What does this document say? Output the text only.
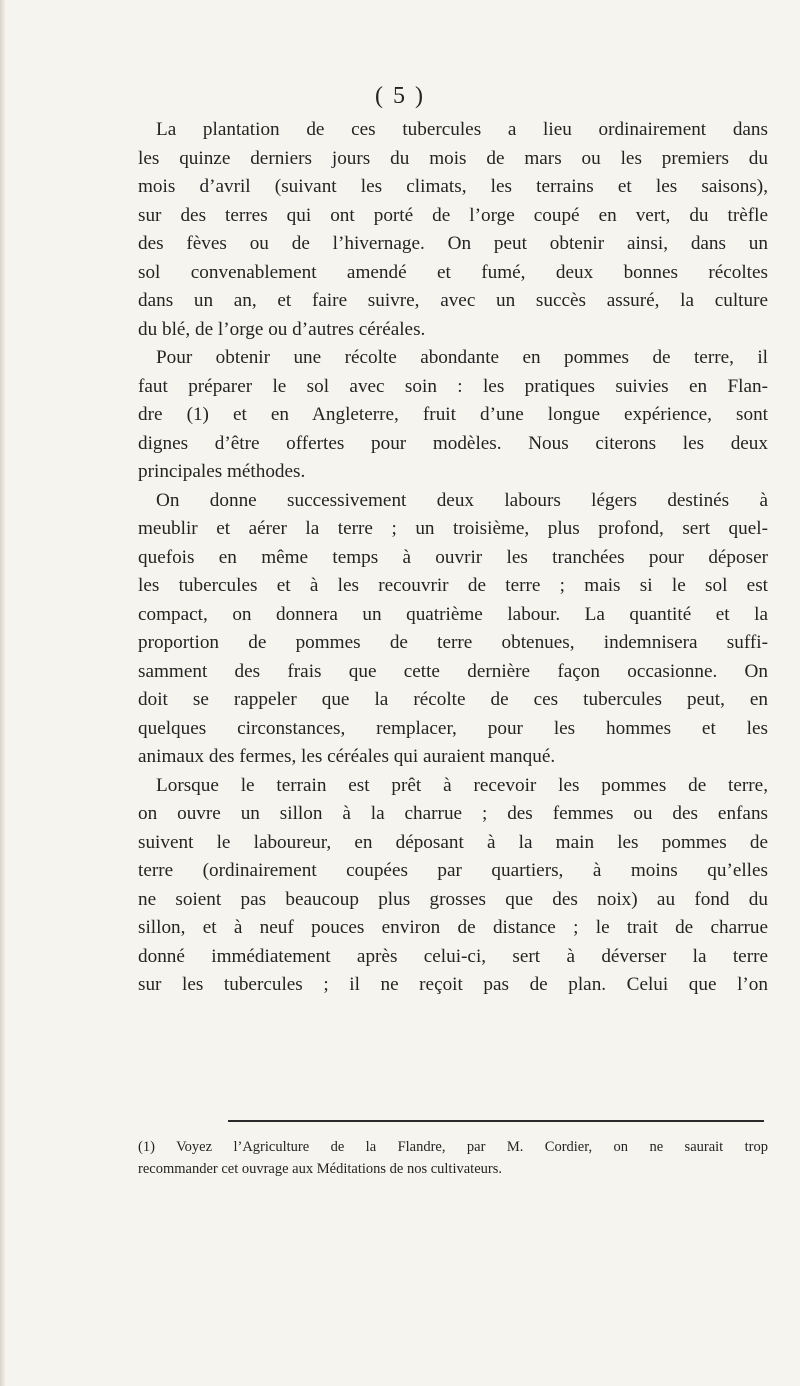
( 5 )
La plantation de ces tubercules a lieu ordinairement dans
les quinze derniers jours du mois de mars ou les premiers du
mois d’avril (suivant les climats, les terrains et les saisons),
sur des terres qui ont porté de l’orge coupé en vert, du trèfle
des fèves ou de l’hivernage. On peut obtenir ainsi, dans un
sol convenablement amendé et fumé, deux bonnes récoltes
dans un an, et faire suivre, avec un succès assuré, la culture
du blé, de l’orge ou d’autres céréales.
Pour obtenir une récolte abondante en pommes de terre, il
faut préparer le sol avec soin : les pratiques suivies en Flan-
dre (1) et en Angleterre, fruit d’une longue expérience, sont
dignes d’être offertes pour modèles. Nous citerons les deux
principales méthodes.
On donne successivement deux labours légers destinés à
meublir et aérer la terre ; un troisième, plus profond, sert quel-
quefois en même temps à ouvrir les tranchées pour déposer
les tubercules et à les recouvrir de terre ; mais si le sol est
compact, on donnera un quatrième labour. La quantité et la
proportion de pommes de terre obtenues, indemnisera suffi-
samment des frais que cette dernière façon occasionne. On
doit se rappeler que la récolte de ces tubercules peut, en
quelques circonstances, remplacer, pour les hommes et les
animaux des fermes, les céréales qui auraient manqué.
Lorsque le terrain est prêt à recevoir les pommes de terre,
on ouvre un sillon à la charrue ; des femmes ou des enfans
suivent le laboureur, en déposant à la main les pommes de
terre (ordinairement coupées par quartiers, à moins qu’elles
ne soient pas beaucoup plus grosses que des noix) au fond du
sillon, et à neuf pouces environ de distance ; le trait de charrue
donné immédiatement après celui-ci, sert à déverser la terre
sur les tubercules ; il ne reçoit pas de plan. Celui que l’on
(1) Voyez l’Agriculture de la Flandre, par M. Cordier, on ne saurait trop
recommander cet ouvrage aux Méditations de nos cultivateurs.
